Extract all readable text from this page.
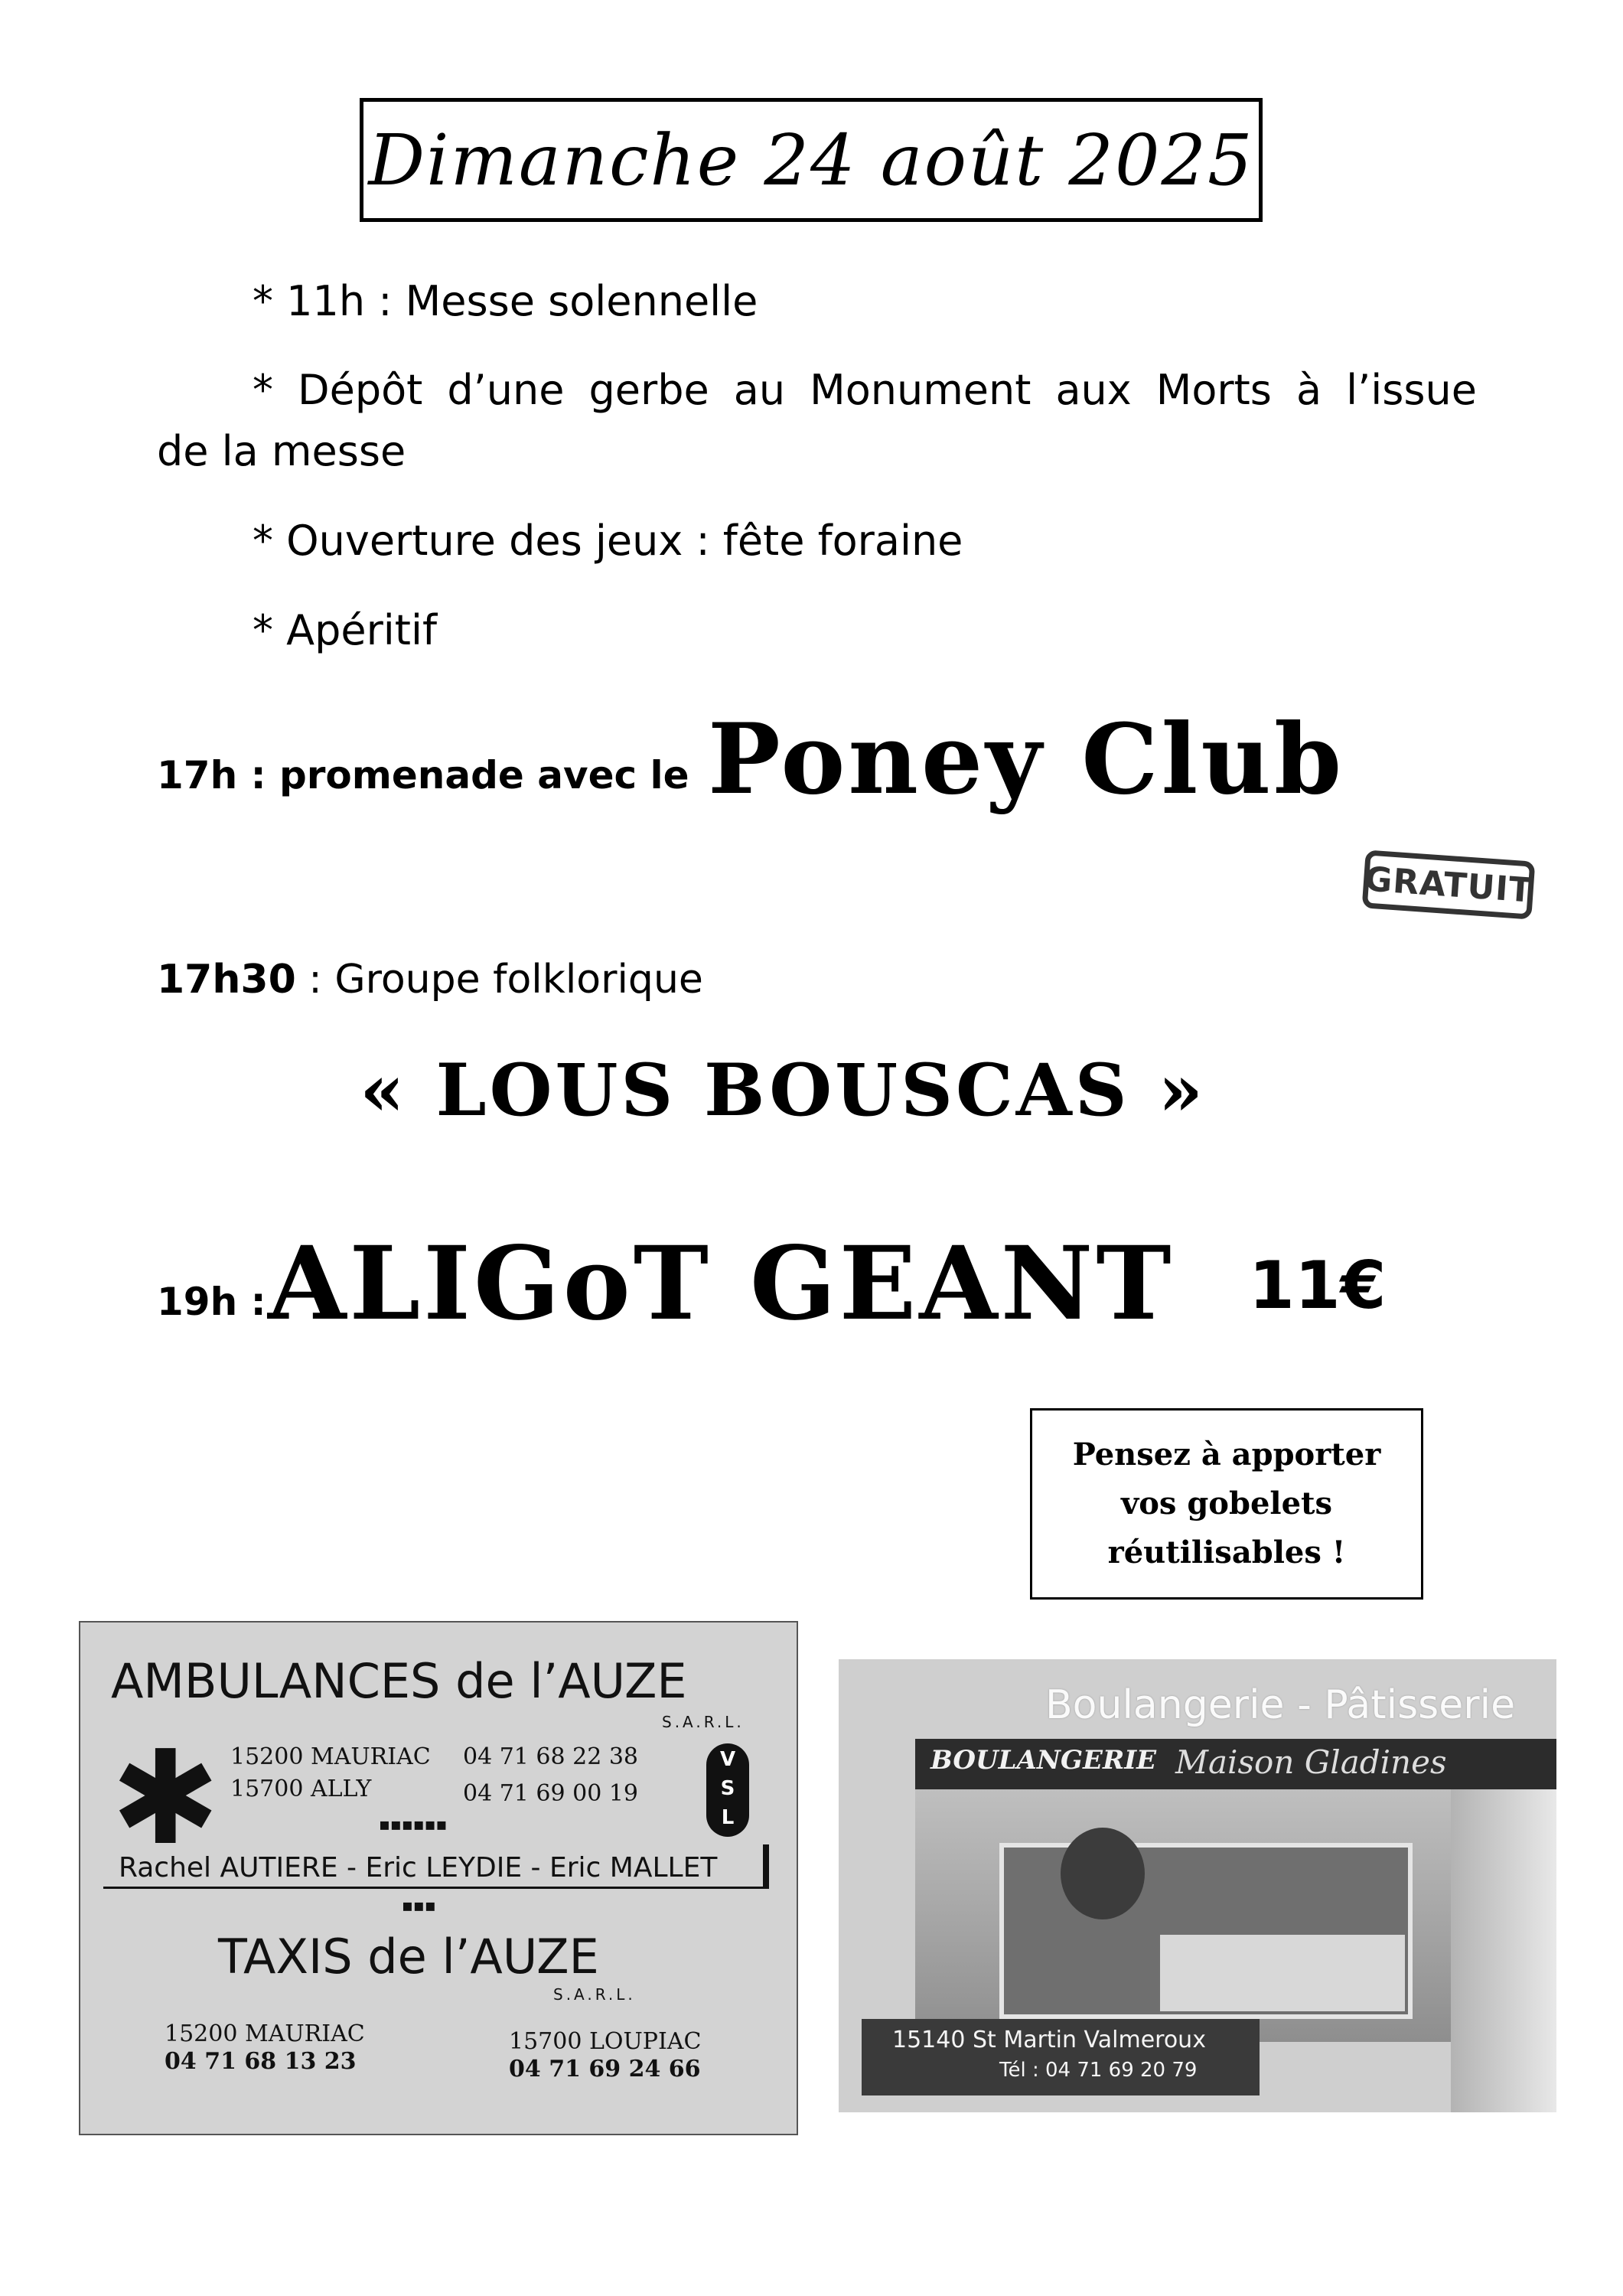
Dimanche 24 août 2025
* 11h : Messe solennelle
* Dépôt d’une gerbe au Monument aux Morts à l’issue
de la messe
* Ouverture des jeux : fête foraine
* Apéritif
17h : promenade avec le Poney Club
GRATUIT
17h30 : Groupe folklorique
« LOUS BOUSCAS »
19h : ALIGoT GEANT 11€
Pensez à apporter
vos gobelets
réutilisables !
AMBULANCES de l’AUZE
S.A.R.L.
✱ 15200 MAURIAC 04 71 68 22 38
15700 ALLY	04 71 69 00 19
V
S
L
▪▪▪▪▪▪
Rachel AUTIERE - Eric LEYDIE - Eric MALLET
▪▪▪
TAXIS de l’AUZE
S.A.R.L.
15200 MAURIAC
04 71 68 13 23
15700 LOUPIAC
04 71 69 24 66
BOULANGERIE Maison Gladines
Boulangerie - Pâtisserie
15140 St Martin Valmeroux
Tél : 04 71 69 20 79
